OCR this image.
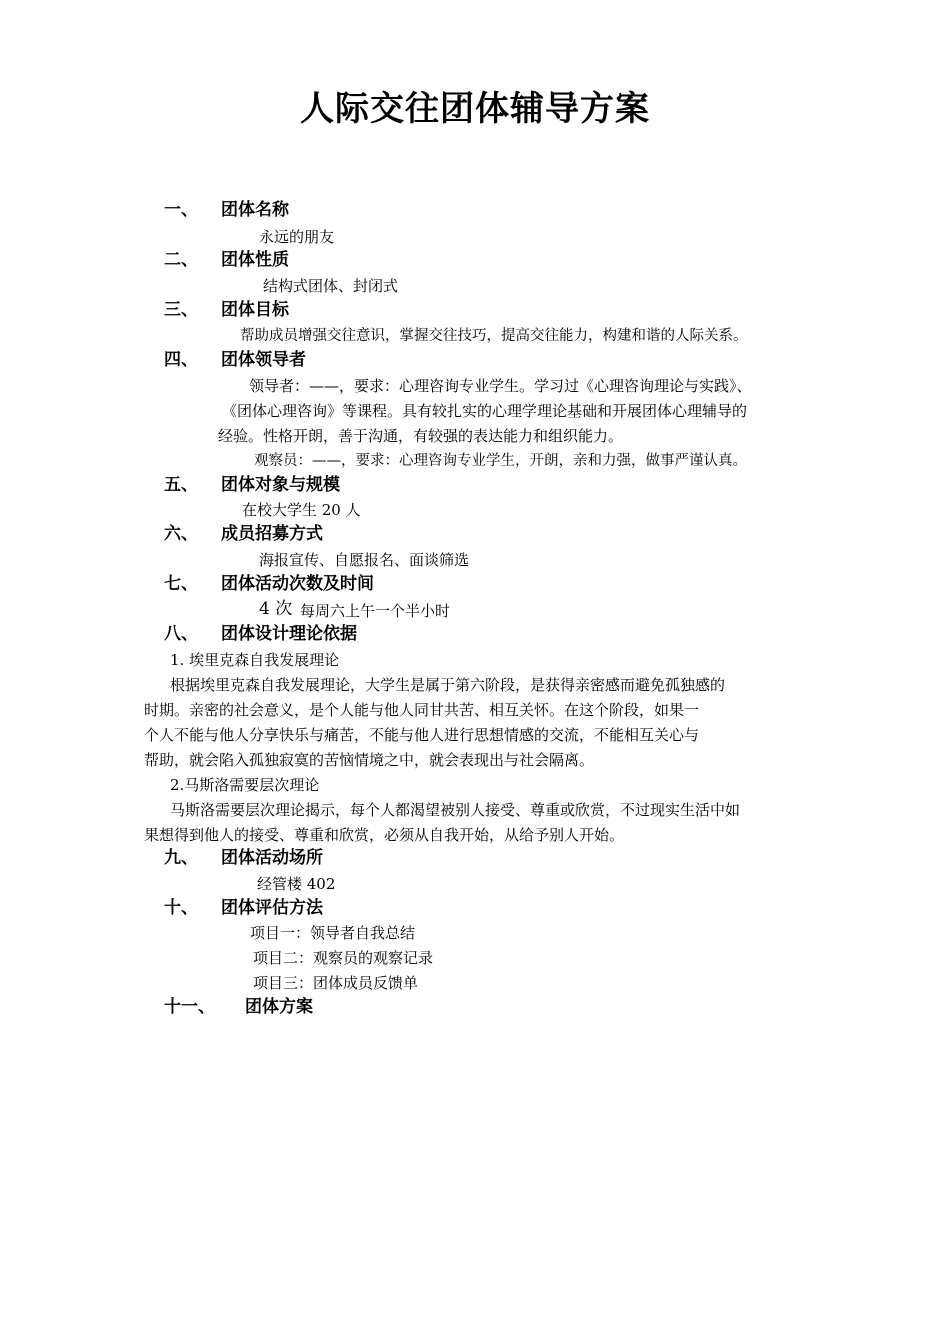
人际交往团体辅导方案
一、 团体名称
永远的朋友
二、 团体性质
结构式团体、封闭式
三、 团体目标
帮助成员增强交往意识，掌握交往技巧，提高交往能力，构建和谐的人际关系。
四、 团体领导者
领导者：——，要求：心理咨询专业学生。学习过《心理咨询理论与实践》、
《团体心理咨询》等课程。具有较扎实的心理学理论基础和开展团体心理辅导的
经验。性格开朗，善于沟通，有较强的表达能力和组织能力。
观察员：——，要求：心理咨询专业学生，开朗，亲和力强，做事严谨认真。
五、 团体对象与规模
在校大学生 20 人
六、 成员招募方式
海报宣传、自愿报名、面谈筛选
七、 团体活动次数及时间
4 次 每周六上午一个半小时
八、 团体设计理论依据
1. 埃里克森自我发展理论
根据埃里克森自我发展理论，大学生是属于第六阶段，是获得亲密感而避免孤独感的
时期。亲密的社会意义，是个人能与他人同甘共苦、相互关怀。在这个阶段，如果一
个人不能与他人分享快乐与痛苦，不能与他人进行思想情感的交流，不能相互关心与
帮助，就会陷入孤独寂寞的苦恼情境之中，就会表现出与社会隔离。
2.马斯洛需要层次理论
马斯洛需要层次理论揭示，每个人都渴望被别人接受、尊重或欣赏，不过现实生活中如
果想得到他人的接受、尊重和欣赏，必须从自我开始，从给予别人开始。
九、 团体活动场所
经管楼 402
十、 团体评估方法
项目一：领导者自我总结
项目二：观察员的观察记录
项目三：团体成员反馈单
十一、 团体方案
